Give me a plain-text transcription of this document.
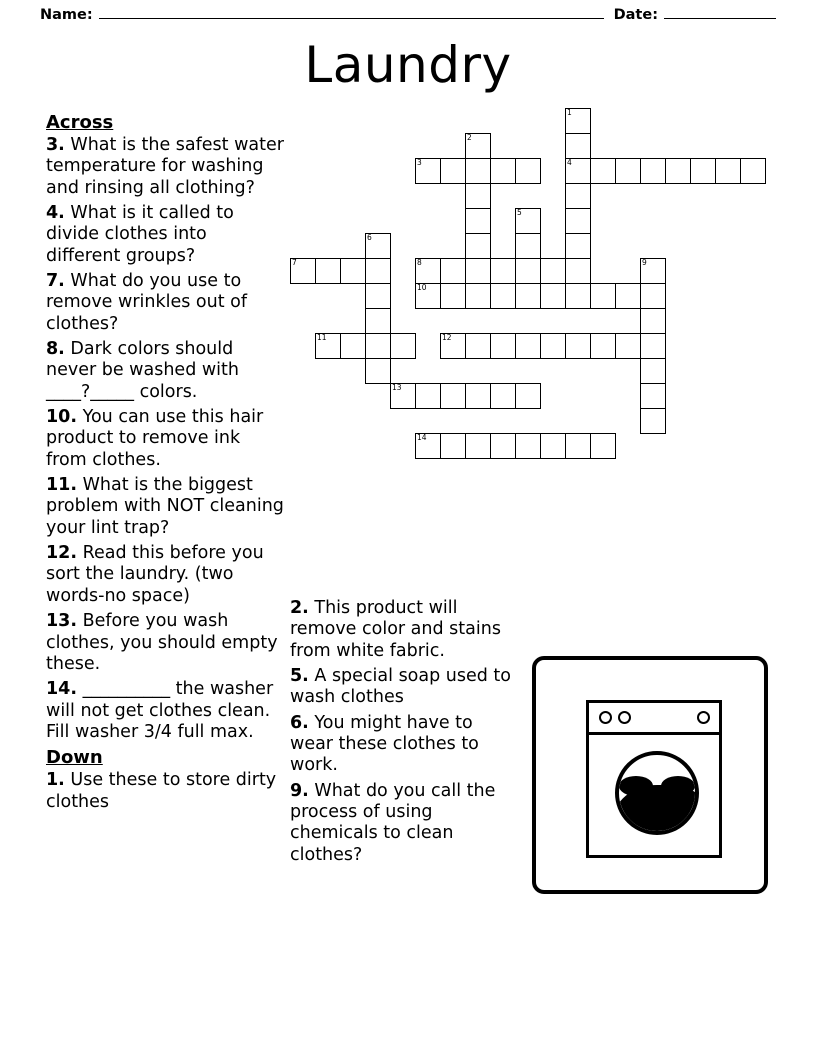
Name:	Date:
Laundry
Across

3. What is the safest water temperature for washing and rinsing all clothing?

4. What is it called to divide clothes into different groups?

7. What do you use to remove wrinkles out of clothes?

8. Dark colors should never be washed with ____?_____ colors.

10. You can use this hair product to remove ink from clothes.

11. What is the biggest problem with NOT cleaning your lint trap?

12. Read this before you sort the laundry. (two words-no space)

13. Before you wash clothes, you should empty these.

14. __________ the washer will not get clothes clean. Fill washer 3/4 full max.

Down

1. Use these to store dirty clothes

2. This product will remove color and stains from white fabric.

5. A special soap used to wash clothes

6. You might have to wear these clothes to work.

9. What do you call the process of using chemicals to clean clothes?

1
2
3	4
5
6
7	8	9
10
11	12
13
14
